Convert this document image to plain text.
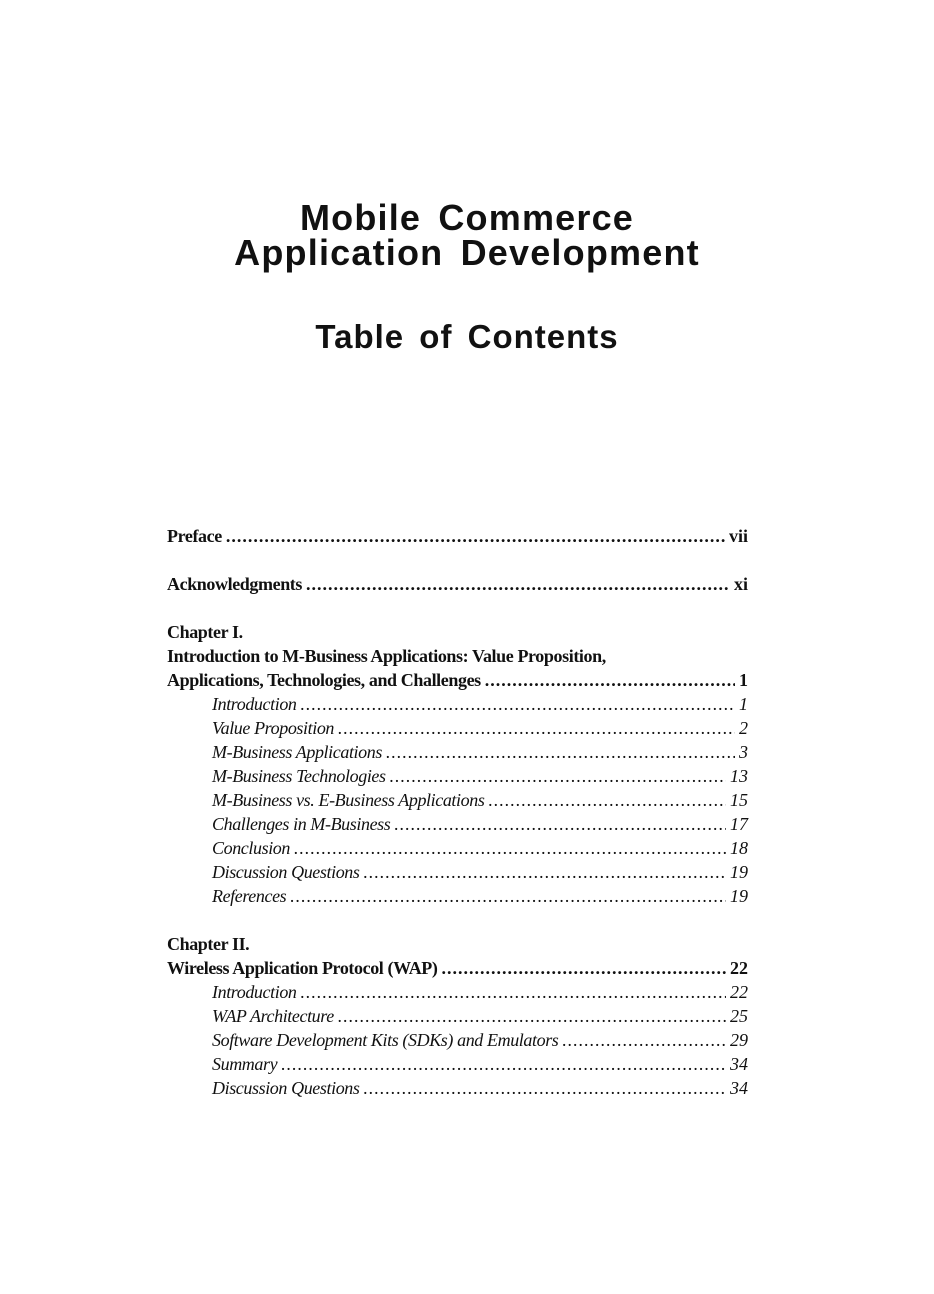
Mobile Commerce
Application Development
Table of Contents
Preface .....	vii
Acknowledgments .....	xi
Chapter I.
Introduction to M-Business Applications: Value Proposition,
Applications, Technologies, and Challenges .....	1
Introduction .....	1
Value Proposition .....	2
M-Business Applications .....	3
M-Business Technologies .....	13
M-Business vs. E-Business Applications .....	15
Challenges in M-Business .....	17
Conclusion .....	18
Discussion Questions .....	19
References .....	19
Chapter II.
Wireless Application Protocol (WAP) .....	22
Introduction .....	22
WAP Architecture .....	25
Software Development Kits (SDKs) and Emulators .....	29
Summary .....	34
Discussion Questions .....	34
